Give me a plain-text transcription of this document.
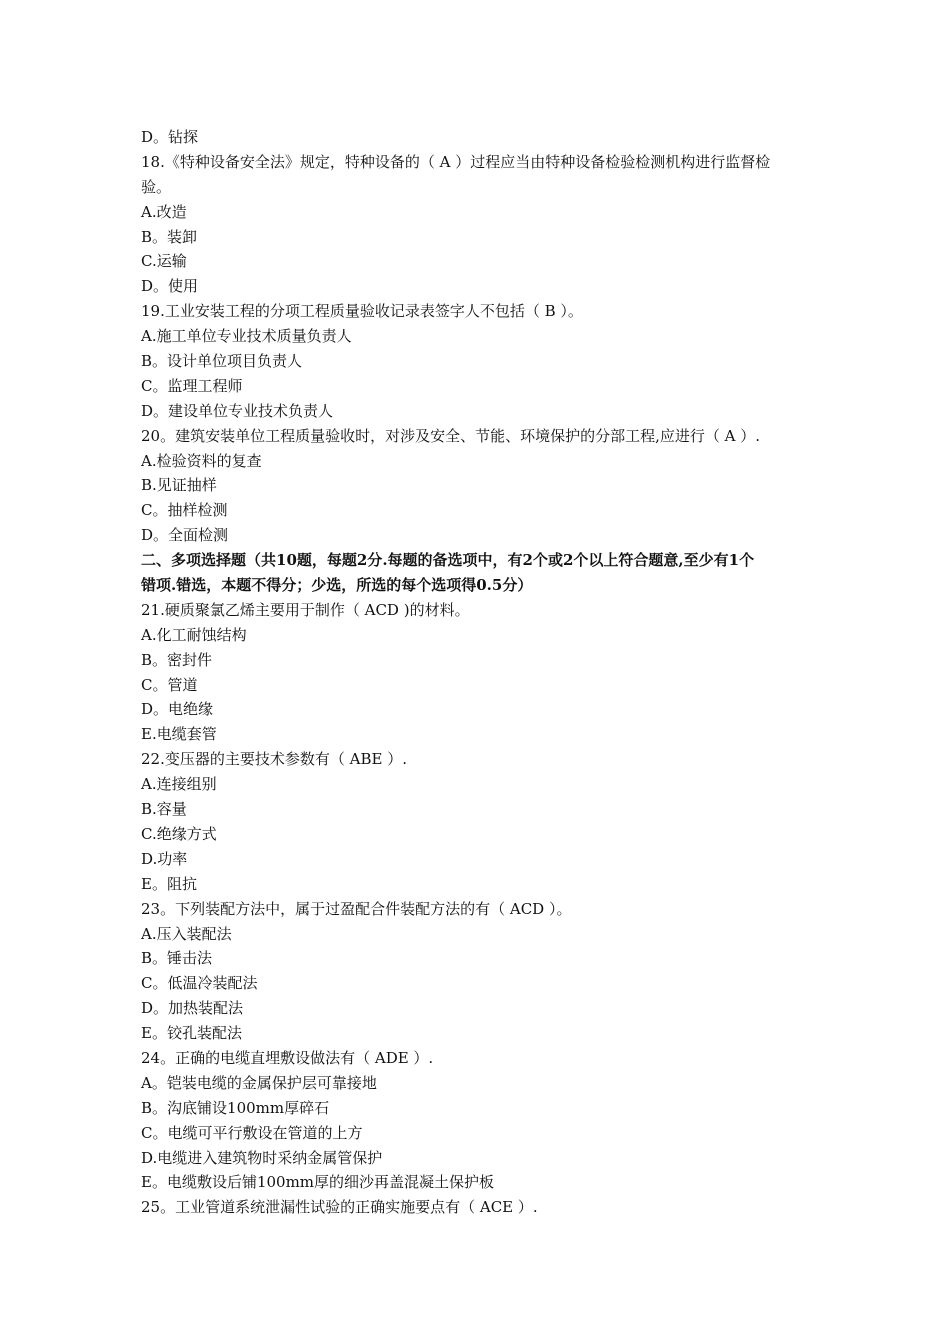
D。钻探
18.《特种设备安全法》规定，特种设备的（ A ）过程应当由特种设备检验检测机构进行监督检
验。
A.改造
B。装卸
C.运输
D。使用
19.工业安装工程的分项工程质量验收记录表签字人不包括（ B ）。
A.施工单位专业技术质量负责人
B。设计单位项目负责人
C。监理工程师
D。建设单位专业技术负责人
20。建筑安装单位工程质量验收时，对涉及安全、节能、环境保护的分部工程,应进行（ A ）.
A.检验资料的复查
B.见证抽样
C。抽样检测
D。全面检测
二、多项选择题（共10题，每题2分.每题的备选项中，有2个或2个以上符合题意,至少有1个
错项.错选，本题不得分；少选，所选的每个选项得0.5分）
21.硬质聚氯乙烯主要用于制作（ ACD )的材料。
A.化工耐蚀结构
B。密封件
C。管道
D。电绝缘
E.电缆套管
22.变压器的主要技术参数有（ ABE ）.
A.连接组别
B.容量
C.绝缘方式
D.功率
E。阻抗
23。下列装配方法中，属于过盈配合件装配方法的有（ ACD ）。
A.压入装配法
B。锤击法
C。低温冷装配法
D。加热装配法
E。铰孔装配法
24。正确的电缆直埋敷设做法有（ ADE ）.
A。铠装电缆的金属保护层可靠接地
B。沟底铺设100mm厚碎石
C。电缆可平行敷设在管道的上方
D.电缆进入建筑物时采纳金属管保护
E。电缆敷设后铺100mm厚的细沙再盖混凝土保护板
25。工业管道系统泄漏性试验的正确实施要点有（ ACE ）.
